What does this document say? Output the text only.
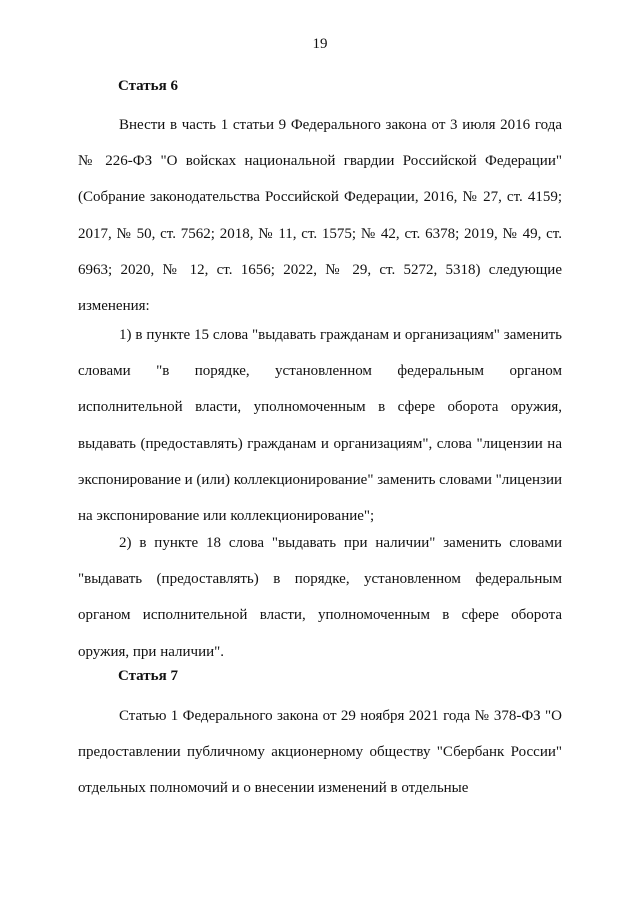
19
Статья 6
Внести в часть 1 статьи 9 Федерального закона от 3 июля 2016 года № 226-ФЗ "О войсках национальной гвардии Российской Федерации" (Собрание законодательства Российской Федерации, 2016, № 27, ст. 4159; 2017, № 50, ст. 7562; 2018, № 11, ст. 1575; № 42, ст. 6378; 2019, № 49, ст. 6963; 2020, № 12, ст. 1656; 2022, № 29, ст. 5272, 5318) следующие изменения:
1) в пункте 15 слова "выдавать гражданам и организациям" заменить словами "в порядке, установленном федеральным органом исполнительной власти, уполномоченным в сфере оборота оружия, выдавать (предоставлять) гражданам и организациям", слова "лицензии на экспонирование и (или) коллекционирование" заменить словами "лицензии на экспонирование или коллекционирование";
2) в пункте 18 слова "выдавать при наличии" заменить словами "выдавать (предоставлять) в порядке, установленном федеральным органом исполнительной власти, уполномоченным в сфере оборота оружия, при наличии".
Статья 7
Статью 1 Федерального закона от 29 ноября 2021 года № 378-ФЗ "О предоставлении публичному акционерному обществу "Сбербанк России" отдельных полномочий и о внесении изменений в отдельные
